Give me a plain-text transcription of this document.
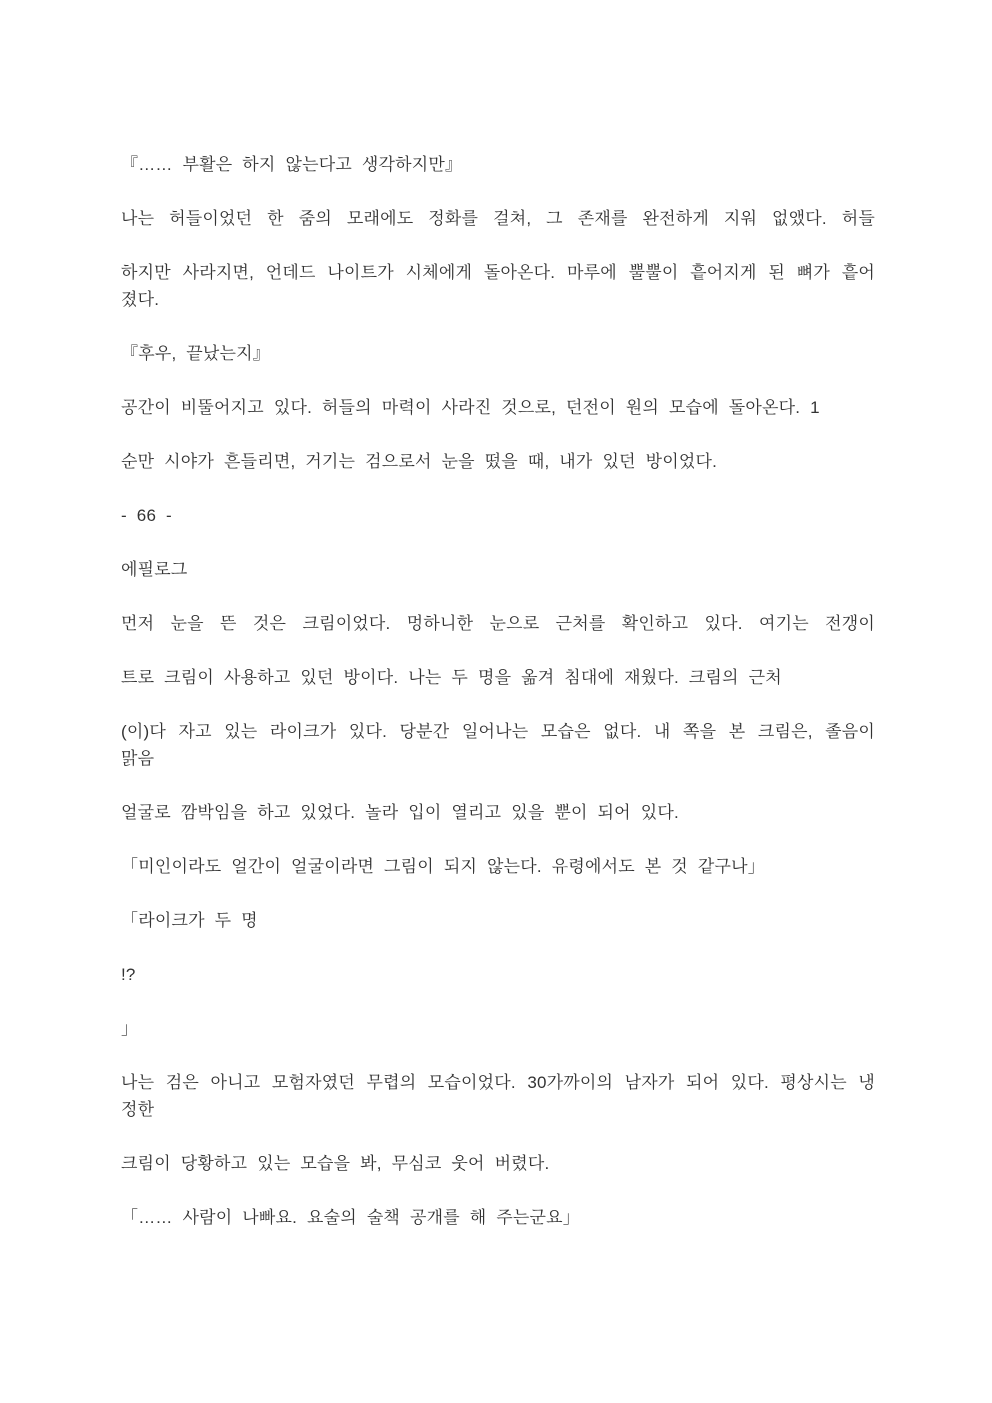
『…… 부활은 하지 않는다고 생각하지만』

나는 허들이었던 한 줌의 모래에도 정화를 걸쳐, 그 존재를 완전하게 지워 없앴다. 허들

하지만 사라지면, 언데드 나이트가 시체에게 돌아온다. 마루에 뿔뿔이 흩어지게 된 뼈가 흩어

졌다.

『후우, 끝났는지』

공간이 비뚤어지고 있다. 허들의 마력이 사라진 것으로, 던전이 원의 모습에 돌아온다. 1

순만 시야가 흔들리면, 거기는 검으로서 눈을 떴을 때, 내가 있던 방이었다.

- 66 -

에필로그

먼저 눈을 뜬 것은 크림이었다. 멍하니한 눈으로 근처를 확인하고 있다. 여기는 전갱이

트로 크림이 사용하고 있던 방이다. 나는 두 명을 옮겨 침대에 재웠다. 크림의 근처

(이)다 자고 있는 라이크가 있다. 당분간 일어나는 모습은 없다. 내 쪽을 본 크림은, 졸음이

맑음

얼굴로 깜박임을 하고 있었다. 놀라 입이 열리고 있을 뿐이 되어 있다.

「미인이라도 얼간이 얼굴이라면 그림이 되지 않는다. 유령에서도 본 것 같구나」

「라이크가 두 명

!?

」

나는 검은 아니고 모험자였던 무렵의 모습이었다. 30가까이의 남자가 되어 있다. 평상시는 냉

정한

크림이 당황하고 있는 모습을 봐, 무심코 웃어 버렸다.

「…… 사람이 나빠요. 요술의 술책 공개를 해 주는군요」
